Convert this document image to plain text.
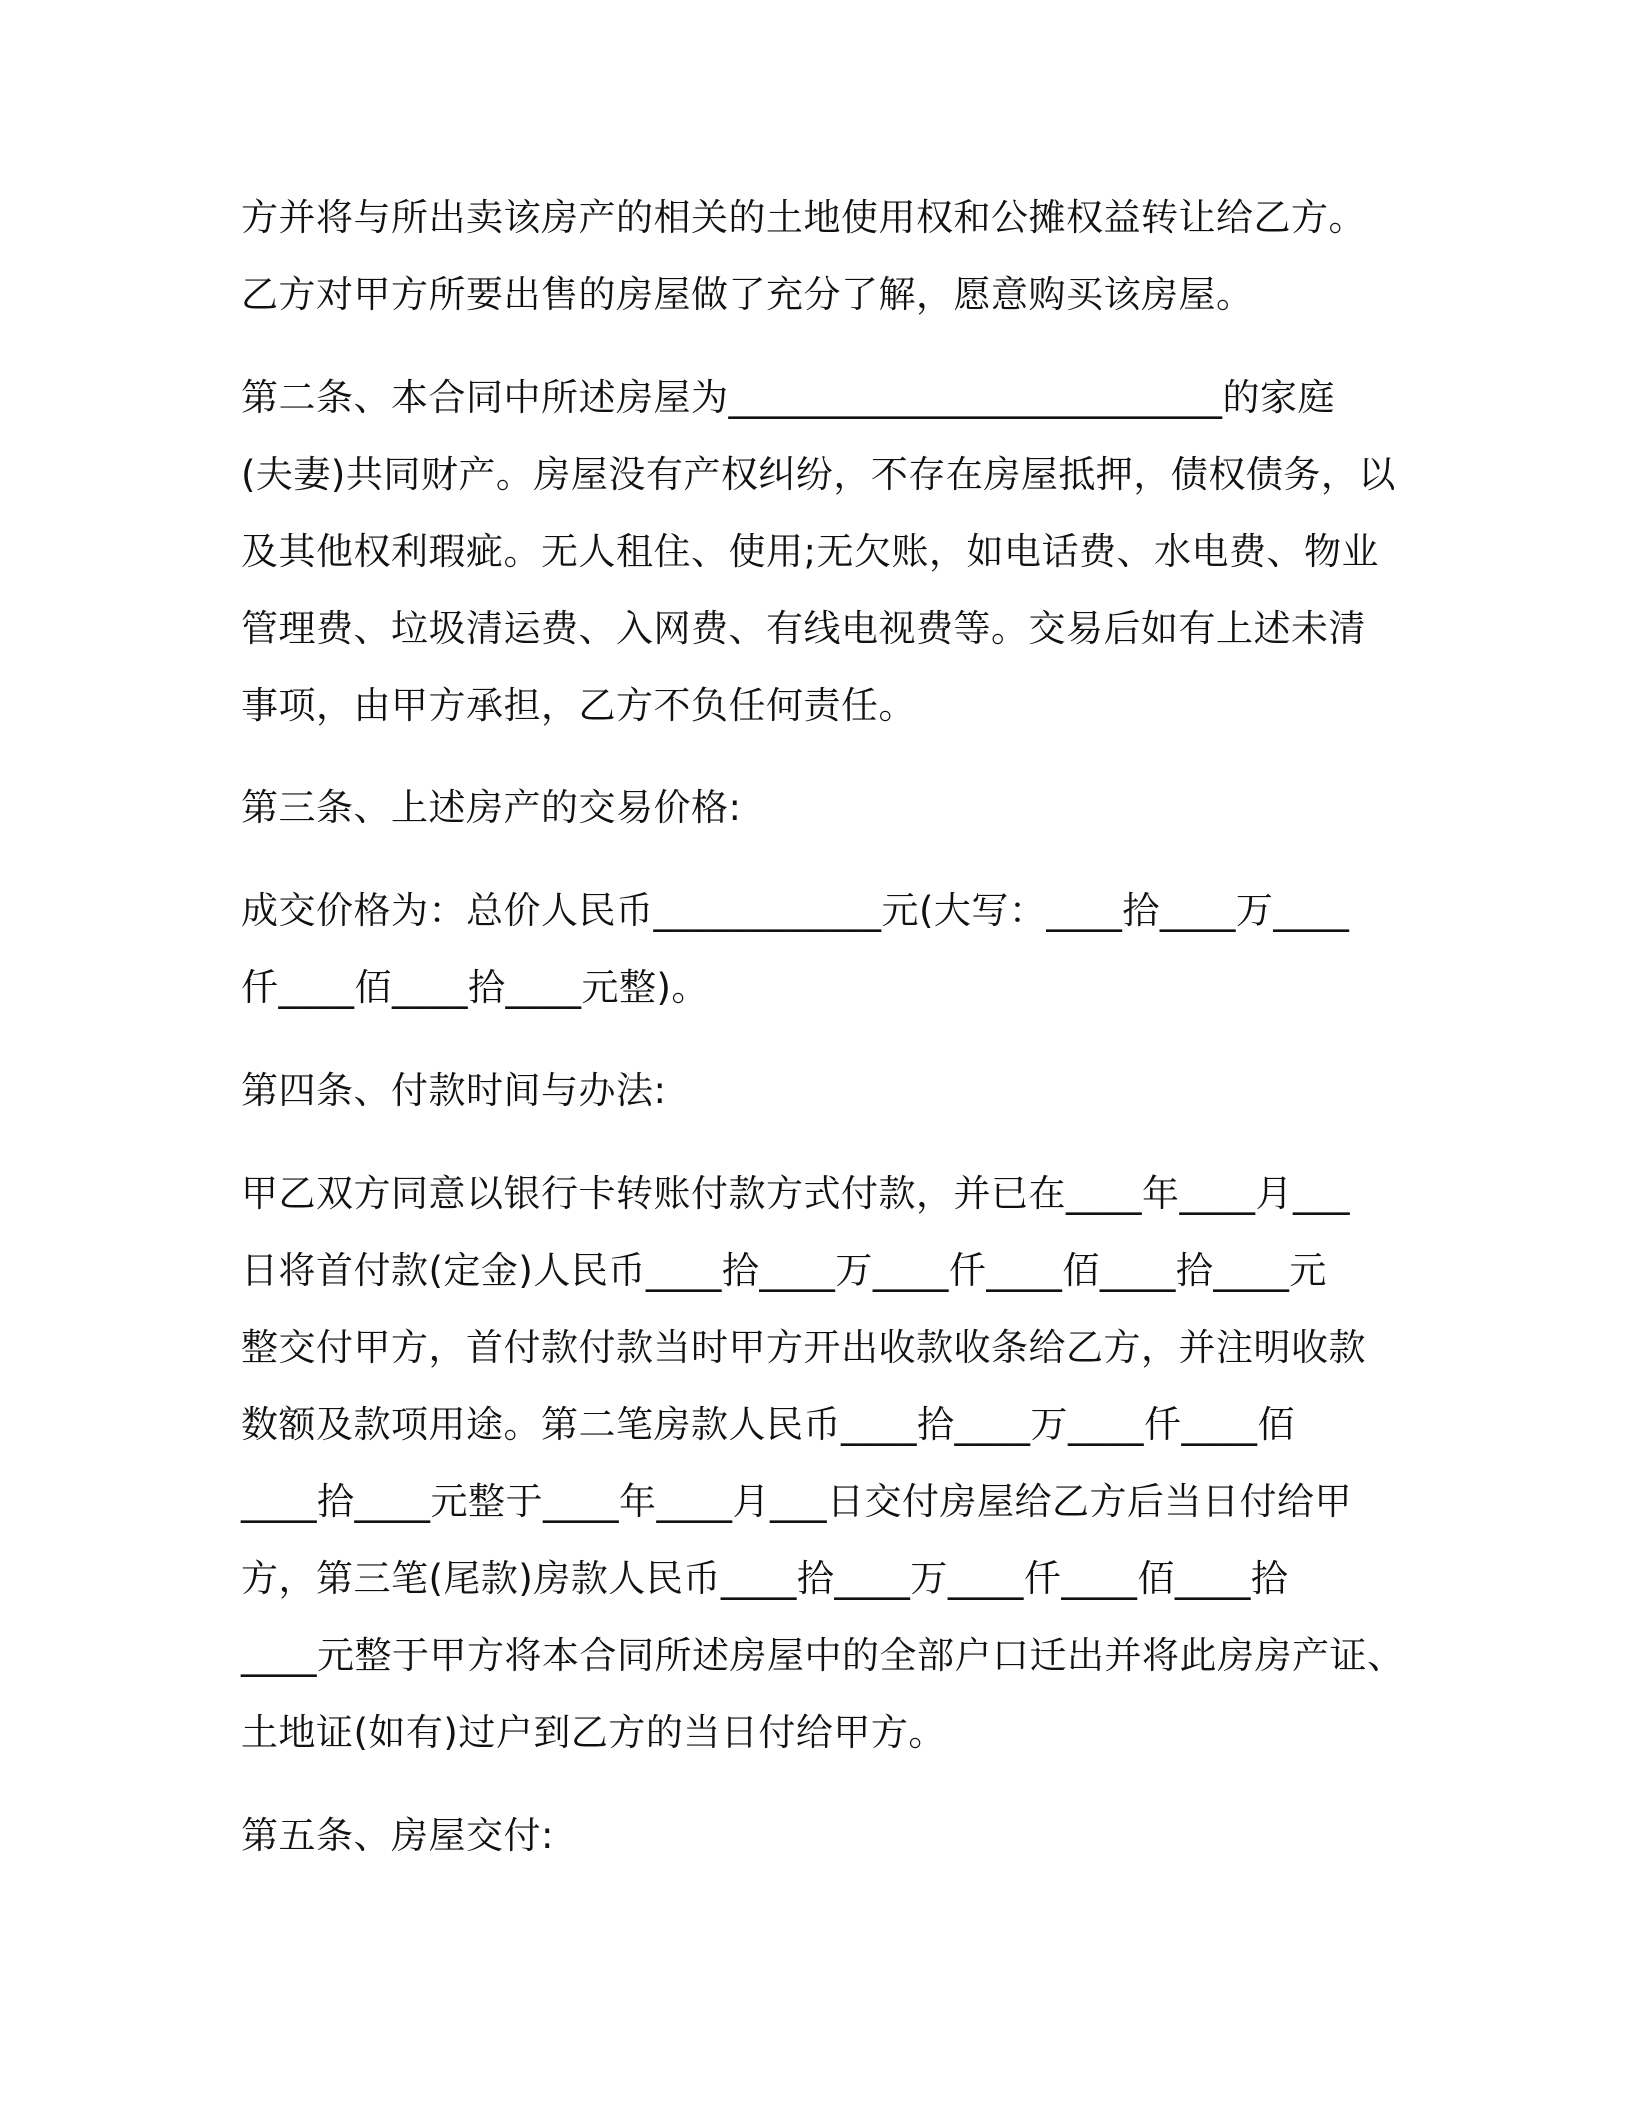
方并将与所出卖该房产的相关的土地使用权和公摊权益转让给乙方。

乙方对甲方所要出售的房屋做了充分了解，愿意购买该房屋。

第二条、本合同中所述房屋为__________________________的家庭

(夫妻)共同财产。房屋没有产权纠纷，不存在房屋抵押，债权债务，以

及其他权利瑕疵。无人租住、使用;无欠账，如电话费、水电费、物业

管理费、垃圾清运费、入网费、有线电视费等。交易后如有上述未清

事项，由甲方承担，乙方不负任何责任。

第三条、上述房产的交易价格:

成交价格为：总价人民币____________元(大写：____拾____万____

仟____佰____拾____元整)。

第四条、付款时间与办法:

甲乙双方同意以银行卡转账付款方式付款，并已在____年____月___

日将首付款(定金)人民币____拾____万____仟____佰____拾____元

整交付甲方，首付款付款当时甲方开出收款收条给乙方，并注明收款

数额及款项用途。第二笔房款人民币____拾____万____仟____佰

____拾____元整于____年____月___日交付房屋给乙方后当日付给甲

方，第三笔(尾款)房款人民币____拾____万____仟____佰____拾

____元整于甲方将本合同所述房屋中的全部户口迁出并将此房房产证、

土地证(如有)过户到乙方的当日付给甲方。

第五条、房屋交付:
